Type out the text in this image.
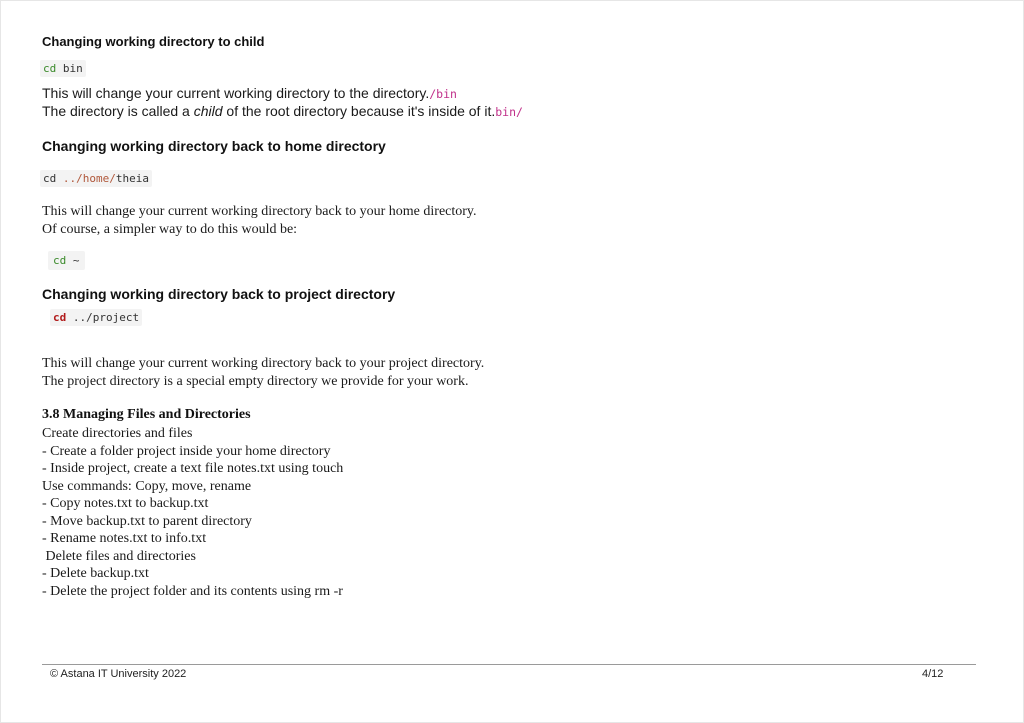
Changing working directory to child
cd bin
This will change your current working directory to the directory./bin
The directory is called a child of the root directory because it's inside of it.bin/
Changing working directory back to home directory
cd ../home/theia
This will change your current working directory back to your home directory.
Of course, a simpler way to do this would be:
cd ~
Changing working directory back to project directory
cd ../project
This will change your current working directory back to your project directory.
The project directory is a special empty directory we provide for your work.
3.8 Managing Files and Directories
Create directories and files
- Create a folder project inside your home directory
- Inside project, create a text file notes.txt using touch
Use commands: Copy, move, rename
- Copy notes.txt to backup.txt
- Move backup.txt to parent directory
- Rename notes.txt to info.txt
Delete files and directories
- Delete backup.txt
- Delete the project folder and its contents using rm -r
© Astana IT University 2022	4/12
